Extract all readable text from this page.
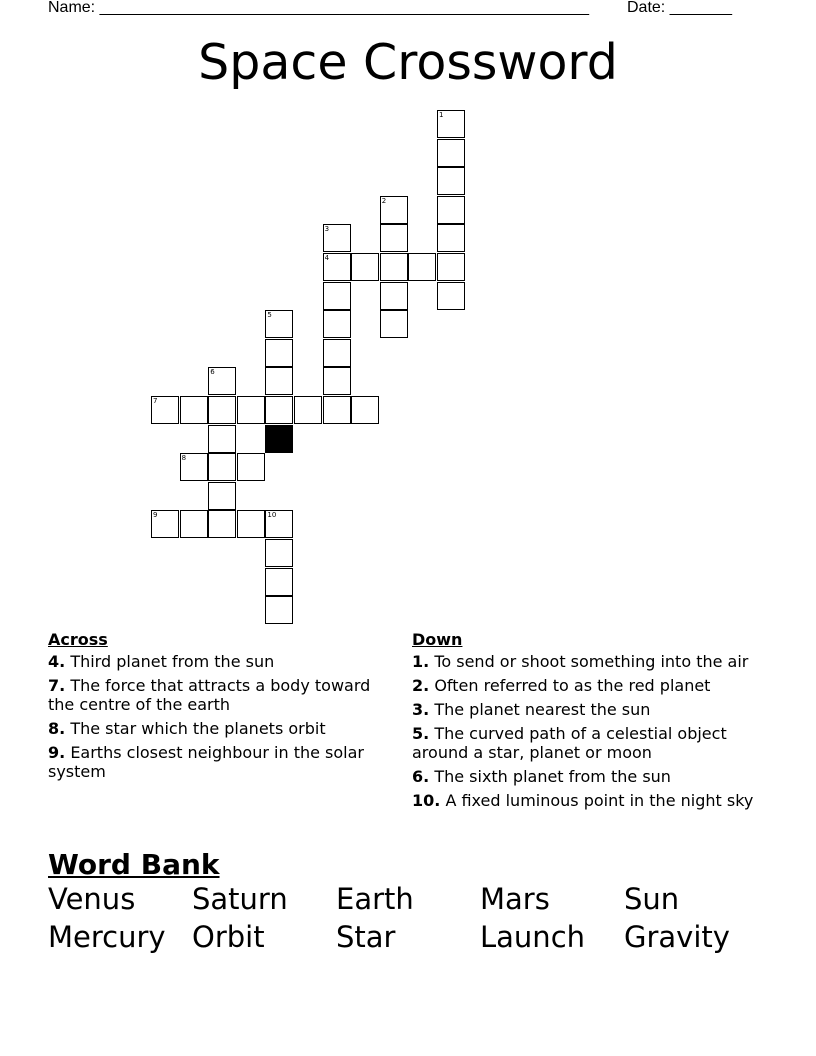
Name: _______________________________________________________ Date: _______
Space Crossword
1
2
3
4
5
6
7
8
9	10
Across
4. Third planet from the sun
7. The force that attracts a body toward the centre of the earth
8. The star which the planets orbit
9. Earths closest neighbour in the solar system
Down
1. To send or shoot something into the air
2. Often referred to as the red planet
3. The planet nearest the sun
5. The curved path of a celestial object around a star, planet or moon
6. The sixth planet from the sun
10. A fixed luminous point in the night sky
Word Bank
Venus Saturn Earth Mars	Sun
Mercury Orbit Star	Launch Gravity
